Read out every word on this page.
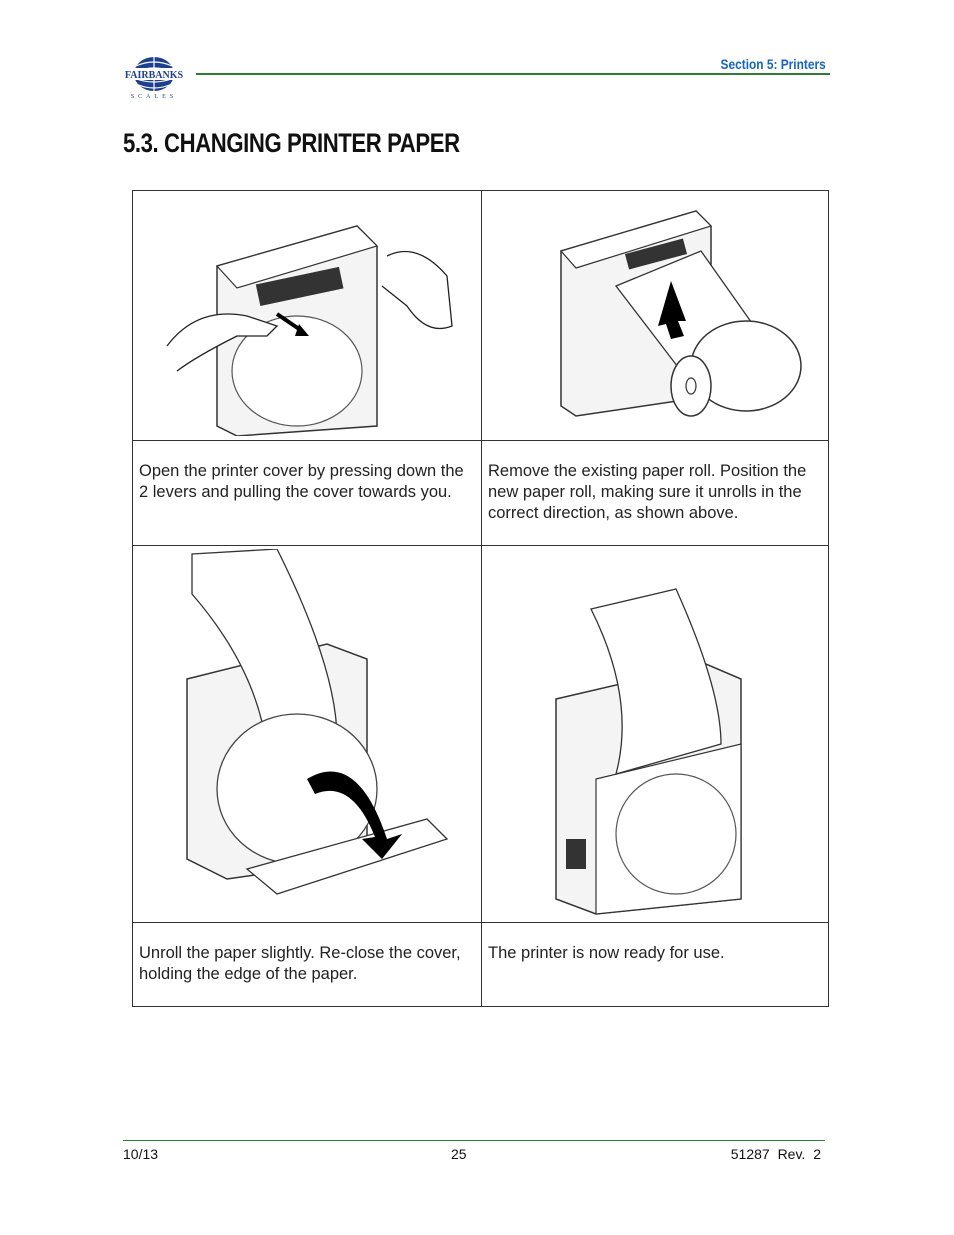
FAIRBANKS
SCALES
Section 5: Printers
5.3. CHANGING PRINTER PAPER
Open the printer cover by pressing down the 2 levers and pulling the cover towards you.
Remove the existing paper roll. Position the new paper roll, making sure it unrolls in the correct direction, as shown above.
Unroll the paper slightly. Re-close the cover, holding the edge of the paper.
The printer is now ready for use.
10/13	25	51287 Rev. 2
